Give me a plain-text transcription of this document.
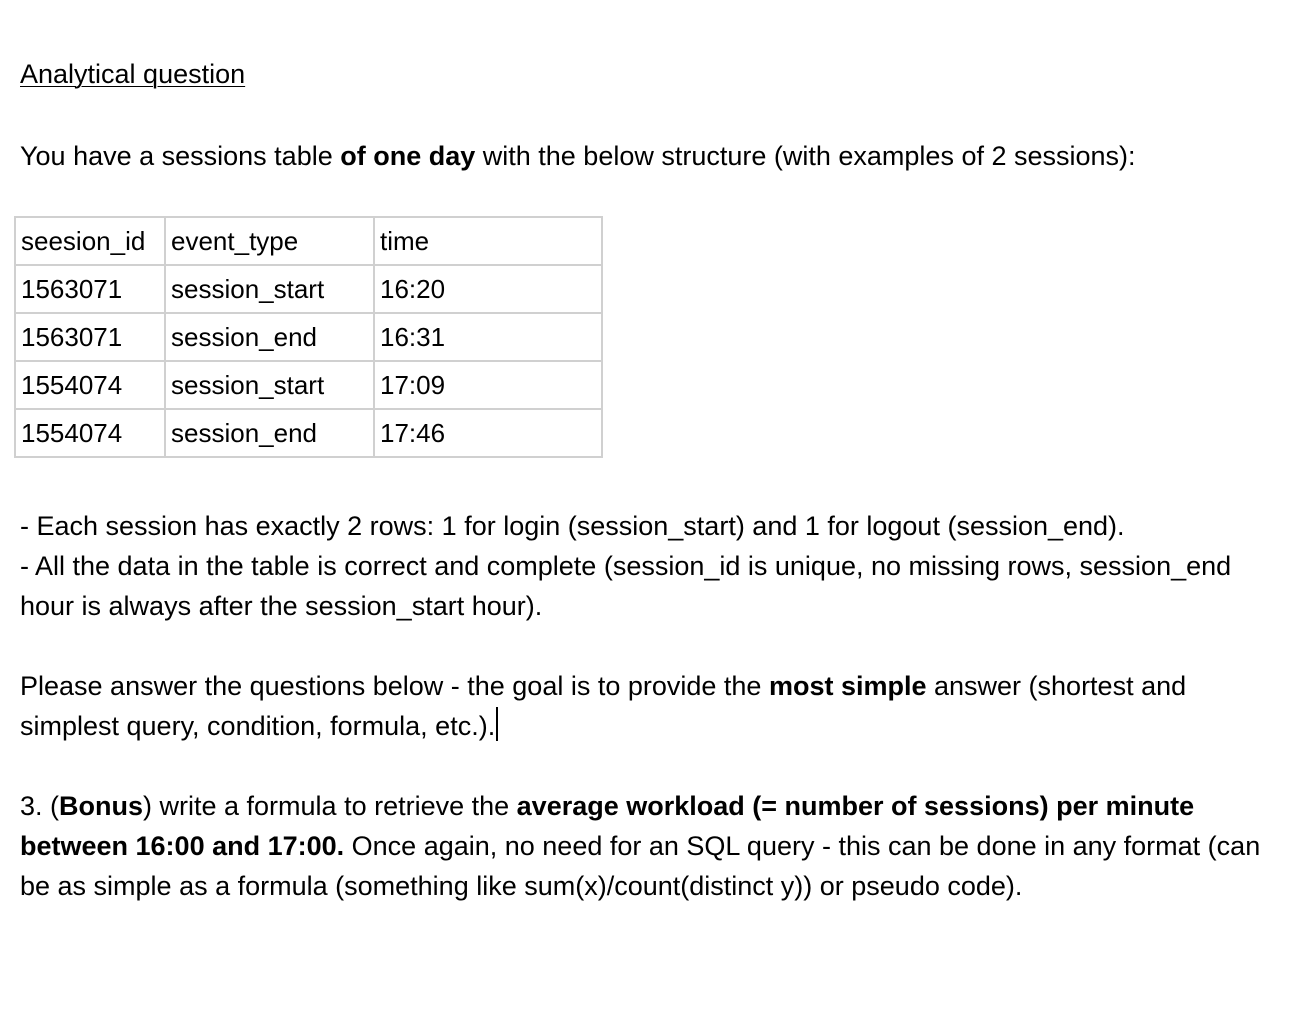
Analytical question

You have a sessions table of one day with the below structure (with examples of 2 sessions):

seesion_id	event_type	time
1563071	session_start	16:20
1563071	session_end	16:31
1554074	session_start	17:09
1554074	session_end	17:46

- Each session has exactly 2 rows: 1 for login (session_start) and 1 for logout (session_end).

- All the data in the table is correct and complete (session_id is unique, no missing rows, session_end hour is always after the session_start hour).

Please answer the questions below - the goal is to provide the most simple answer (shortest and simplest query, condition, formula, etc.).

3. (Bonus) write a formula to retrieve the average workload (= number of sessions) per minute between 16:00 and 17:00. Once again, no need for an SQL query - this can be done in any format (can be as simple as a formula (something like sum(x)/count(distinct y)) or pseudo code).
